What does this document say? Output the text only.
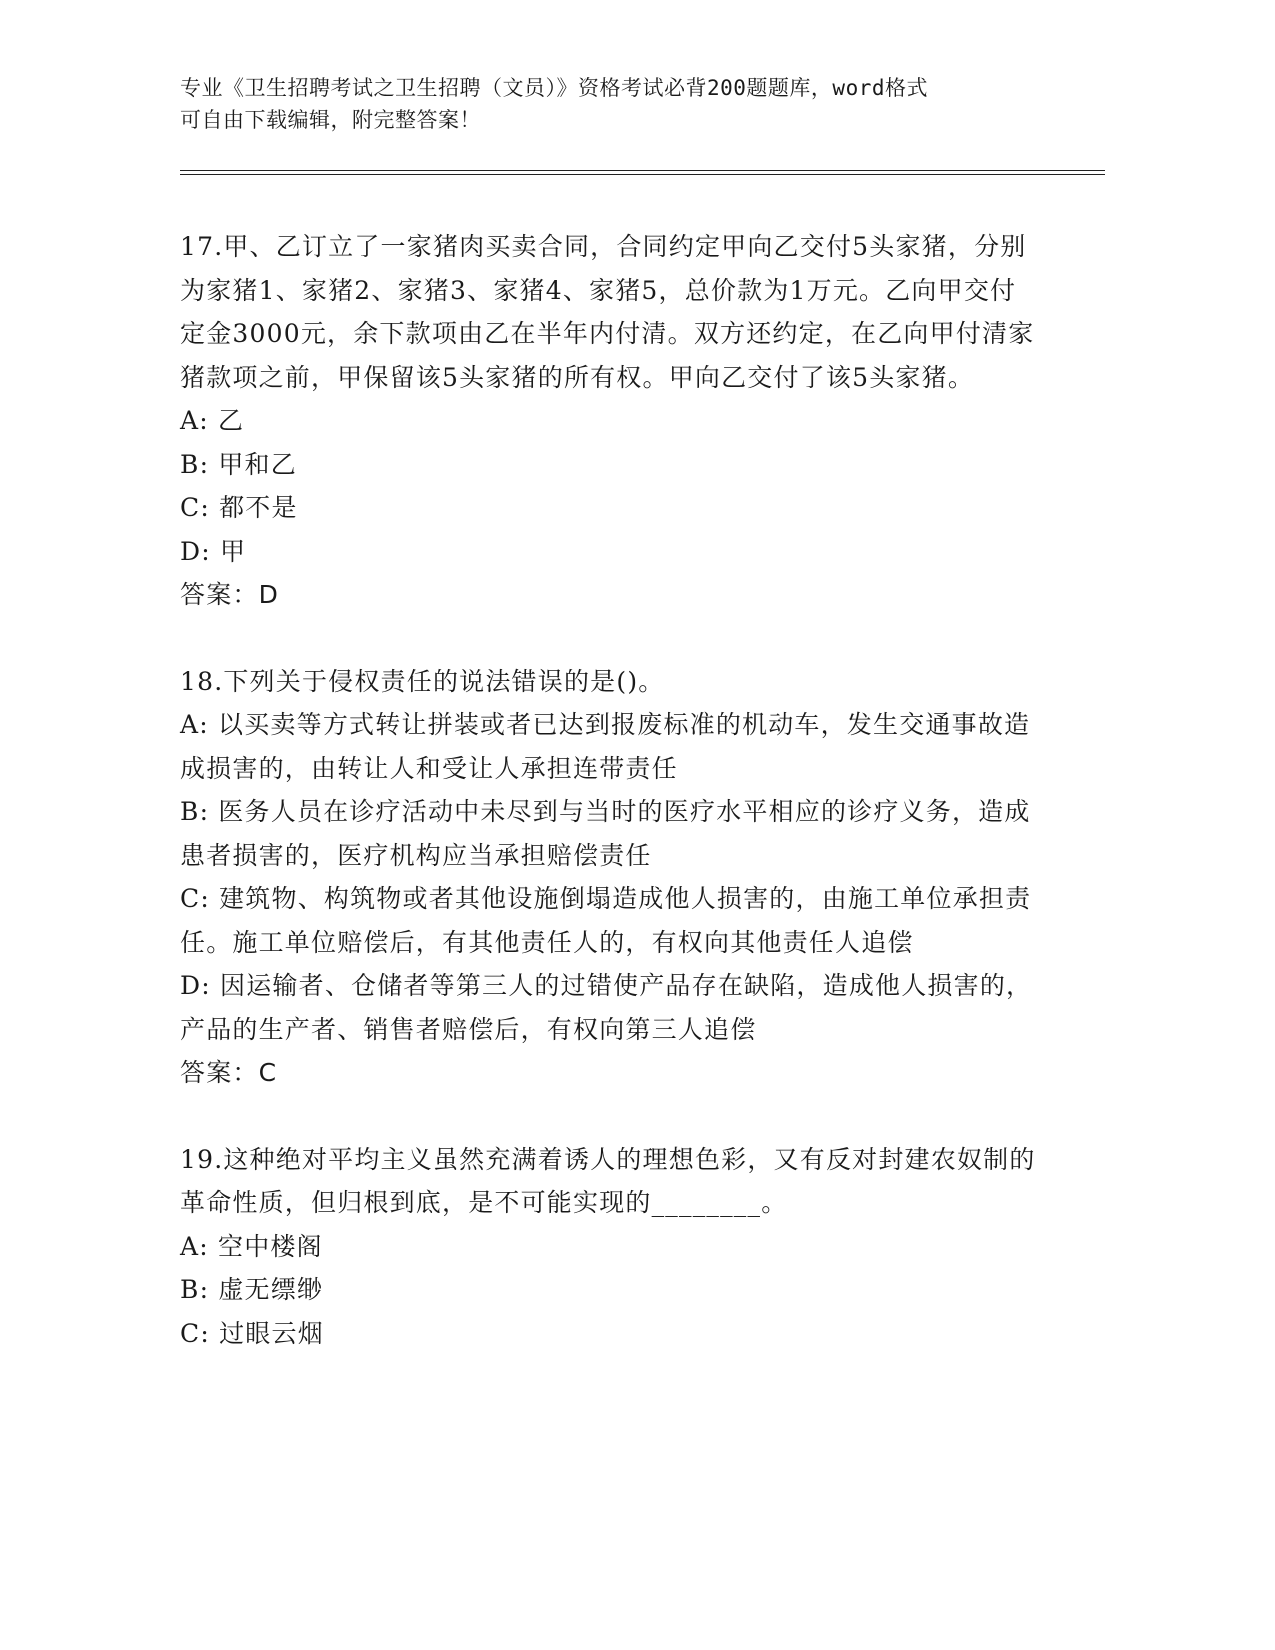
专业《卫生招聘考试之卫生招聘（文员）》资格考试必背200题题库，word格式

可自由下载编辑，附完整答案！

17.甲、乙订立了一家猪肉买卖合同，合同约定甲向乙交付5头家猪，分别为家猪1、家猪2、家猪3、家猪4、家猪5，总价款为1万元。乙向甲交付定金3000元，余下款项由乙在半年内付清。双方还约定，在乙向甲付清家猪款项之前，甲保留该5头家猪的所有权。甲向乙交付了该5头家猪。

A: 乙

B: 甲和乙

C: 都不是

D: 甲

答案：D

18.下列关于侵权责任的说法错误的是()。

A: 以买卖等方式转让拼装或者已达到报废标准的机动车，发生交通事故造成损害的，由转让人和受让人承担连带责任

B: 医务人员在诊疗活动中未尽到与当时的医疗水平相应的诊疗义务，造成患者损害的，医疗机构应当承担赔偿责任

C: 建筑物、构筑物或者其他设施倒塌造成他人损害的，由施工单位承担责任。施工单位赔偿后，有其他责任人的，有权向其他责任人追偿

D: 因运输者、仓储者等第三人的过错使产品存在缺陷，造成他人损害的，产品的生产者、销售者赔偿后，有权向第三人追偿

答案：C

19.这种绝对平均主义虽然充满着诱人的理想色彩，又有反对封建农奴制的革命性质，但归根到底，是不可能实现的________。

A: 空中楼阁

B: 虚无缥缈

C: 过眼云烟
